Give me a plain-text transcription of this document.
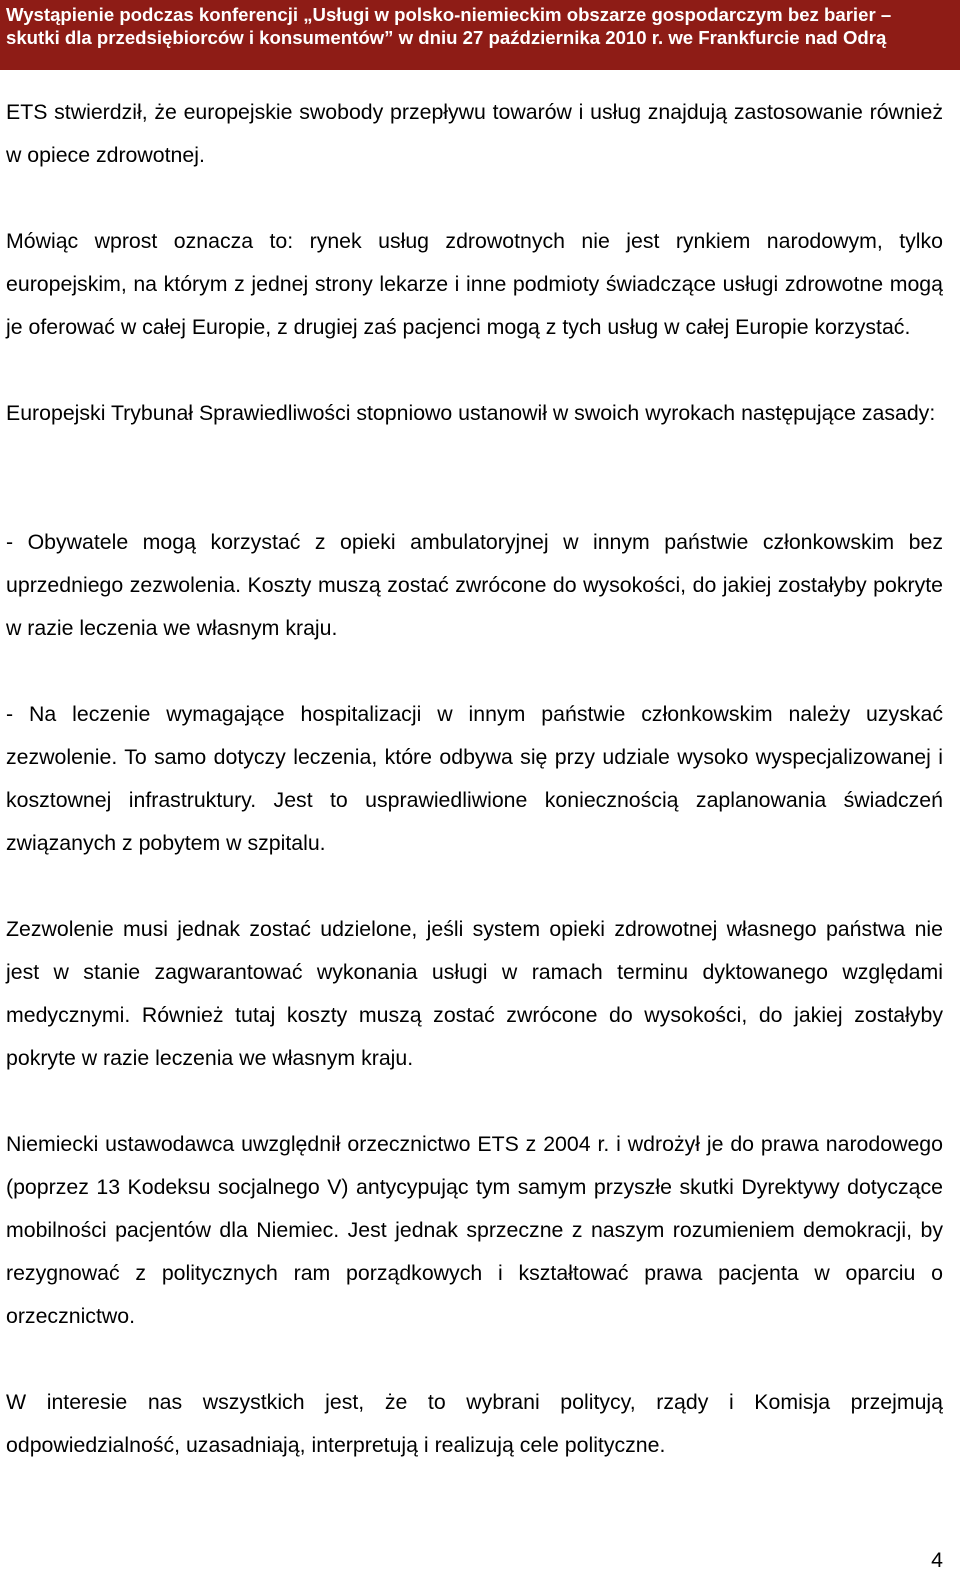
Wystąpienie podczas konferencji „Usługi w polsko-niemieckim obszarze gospodarczym bez barier –
skutki dla przedsiębiorców i konsumentów” w dniu 27 października 2010 r. we Frankfurcie nad Odrą

ETS stwierdził, że europejskie swobody przepływu towarów i usług znajdują zastosowanie również w opiece zdrowotnej.

Mówiąc wprost oznacza to: rynek usług zdrowotnych nie jest rynkiem narodowym, tylko europejskim, na którym z jednej strony lekarze i inne podmioty świadczące usługi zdrowotne mogą je oferować w całej Europie, z drugiej zaś pacjenci mogą z tych usług w całej Europie korzystać.

Europejski Trybunał Sprawiedliwości stopniowo ustanowił w swoich wyrokach następujące zasady:

- Obywatele mogą korzystać z opieki ambulatoryjnej w innym państwie członkowskim bez uprzedniego zezwolenia. Koszty muszą zostać zwrócone do wysokości, do jakiej zostałyby pokryte w razie leczenia we własnym kraju.

- Na leczenie wymagające hospitalizacji w innym państwie członkowskim należy uzyskać zezwolenie. To samo dotyczy leczenia, które odbywa się przy udziale wysoko wyspecjalizowanej i kosztownej infrastruktury. Jest to usprawiedliwione koniecznością zaplanowania świadczeń związanych z pobytem w szpitalu.

Zezwolenie musi jednak zostać udzielone, jeśli system opieki zdrowotnej własnego państwa nie jest w stanie zagwarantować wykonania usługi w ramach terminu dyktowanego względami medycznymi. Również tutaj koszty muszą zostać zwrócone do wysokości, do jakiej zostałyby pokryte w razie leczenia we własnym kraju.

Niemiecki ustawodawca uwzględnił orzecznictwo ETS z 2004 r. i wdrożył je do prawa narodowego (poprzez 13 Kodeksu socjalnego V) antycypując tym samym przyszłe skutki Dyrektywy dotyczące mobilności pacjentów dla Niemiec. Jest jednak sprzeczne z naszym rozumieniem demokracji, by rezygnować z politycznych ram porządkowych i kształtować prawa pacjenta w oparciu o orzecznictwo.

W interesie nas wszystkich jest, że to wybrani politycy, rządy i Komisja przejmują odpowiedzialność, uzasadniają, interpretują i realizują cele polityczne.

4
